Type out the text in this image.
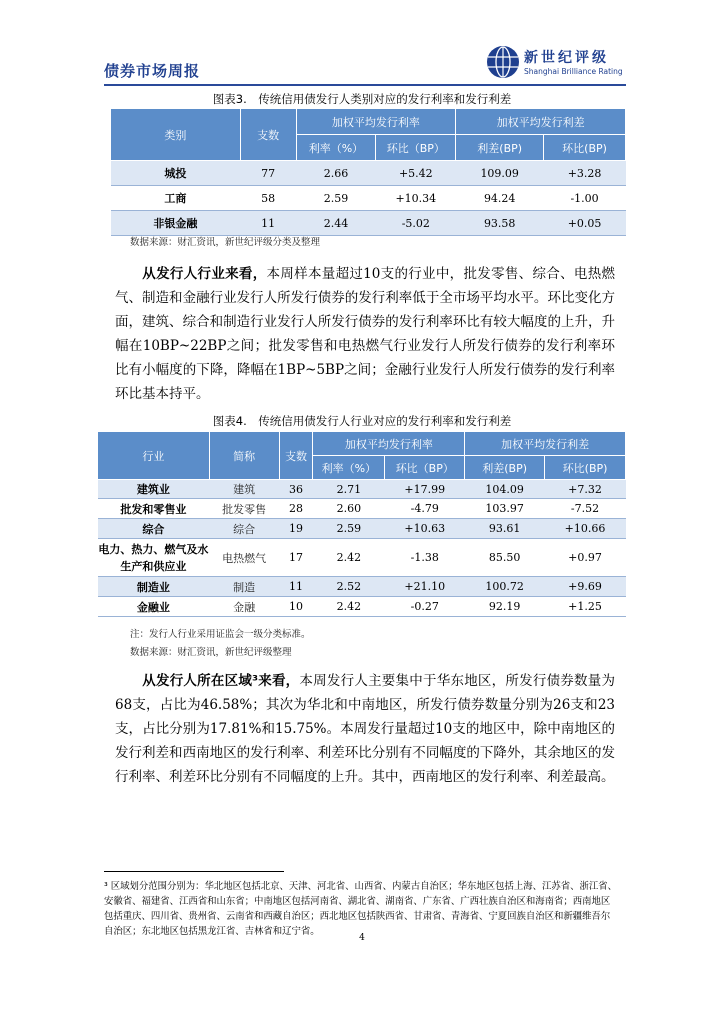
债券市场周报
新世纪评级
Shanghai Brilliance Rating
图表3.　传统信用债发行人类别对应的发行利率和发行利差
类别	支数	加权平均发行利率		加权平均发行利差	
		利率（%）	环比（BP）	利差(BP)	环比(BP)
城投	77	2.66	+5.42	109.09	+3.28
工商	58	2.59	+10.34	94.24	-1.00
非银金融	11	2.44	-5.02	93.58	+0.05
数据来源：财汇资讯，新世纪评级分类及整理

从发行人行业来看，本周样本量超过10支的行业中，批发零售、综合、电热燃气、制造和金融行业发行人所发行债券的发行利率低于全市场平均水平。环比变化方面，建筑、综合和制造行业发行人所发行债券的发行利率环比有较大幅度的上升，升幅在10BP~22BP之间；批发零售和电热燃气行业发行人所发行债券的发行利率环比有小幅度的下降，降幅在1BP~5BP之间；金融行业发行人所发行债券的发行利率环比基本持平。

图表4.　传统信用债发行人行业对应的发行利率和发行利差
行业	简称	支数	加权平均发行利率		加权平均发行利差	
			利率（%）	环比（BP）	利差(BP)	环比(BP)
建筑业	建筑	36	2.71	+17.99	104.09	+7.32
批发和零售业	批发零售	28	2.60	-4.79	103.97	-7.52
综合	综合	19	2.59	+10.63	93.61	+10.66
电力、热力、燃气及水生产和供应业	电热燃气	17	2.42	-1.38	85.50	+0.97
制造业	制造	11	2.52	+21.10	100.72	+9.69
金融业	金融	10	2.42	-0.27	92.19	+1.25
注：发行人行业采用证监会一级分类标准。
数据来源：财汇资讯，新世纪评级整理

从发行人所在区域³来看，本周发行人主要集中于华东地区，所发行债券数量为68支，占比为46.58%；其次为华北和中南地区，所发行债券数量分别为26支和23支，占比分别为17.81%和15.75%。本周发行量超过10支的地区中，除中南地区的发行利差和西南地区的发行利率、利差环比分别有不同幅度的下降外，其余地区的发行利率、利差环比分别有不同幅度的上升。其中，西南地区的发行利率、利差最高。

³ 区域划分范围分别为：华北地区包括北京、天津、河北省、山西省、内蒙古自治区；华东地区包括上海、江苏省、浙江省、安徽省、福建省、江西省和山东省；中南地区包括河南省、湖北省、湖南省、广东省、广西壮族自治区和海南省；西南地区包括重庆、四川省、贵州省、云南省和西藏自治区；西北地区包括陕西省、甘肃省、青海省、宁夏回族自治区和新疆维吾尔自治区；东北地区包括黑龙江省、吉林省和辽宁省。

4
